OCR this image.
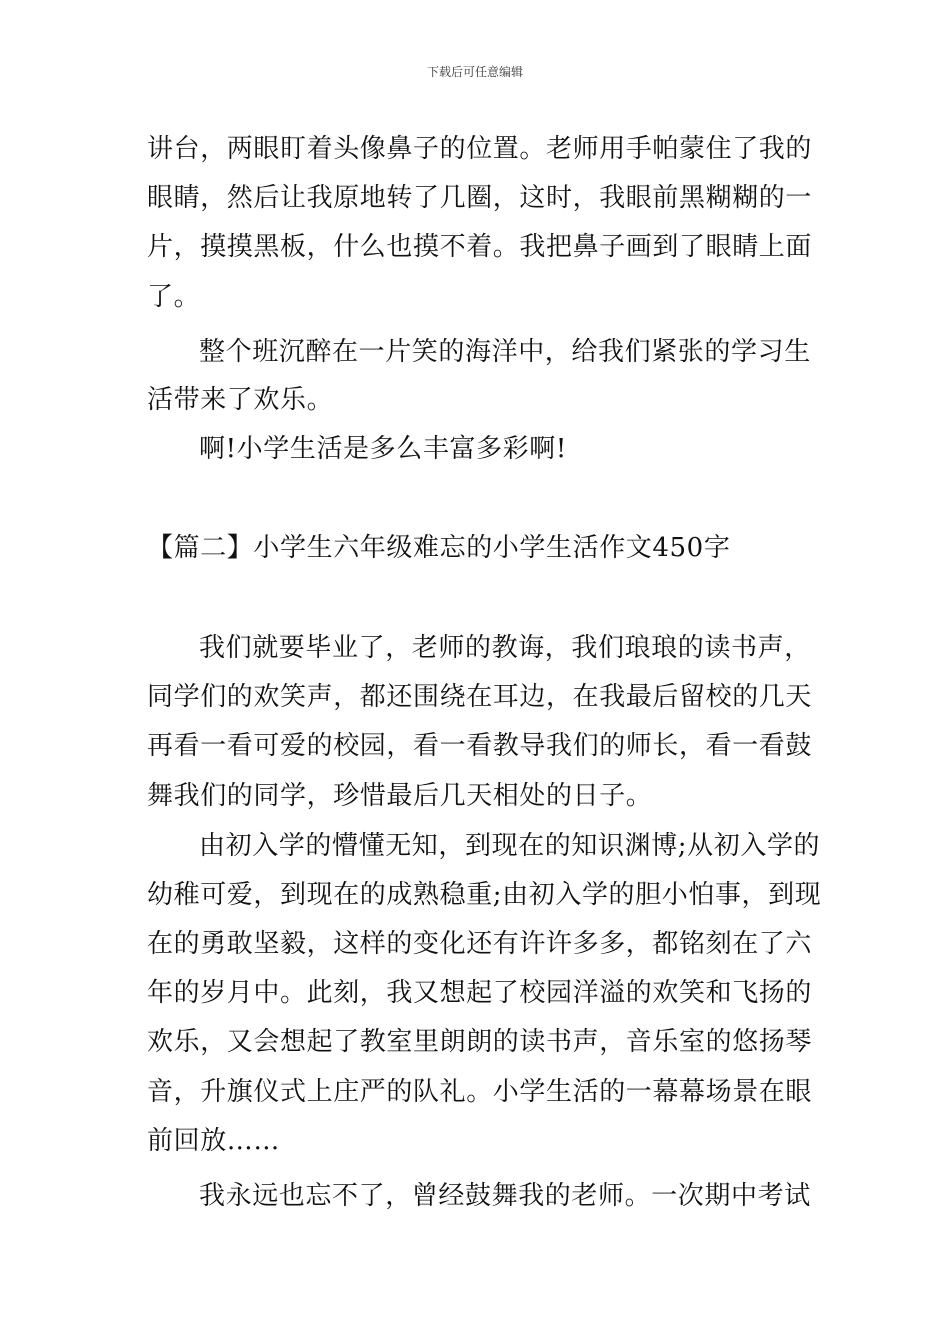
下载后可任意编辑
讲台，两眼盯着头像鼻子的位置。老师用手帕蒙住了我的
眼睛，然后让我原地转了几圈，这时，我眼前黑糊糊的一
片，摸摸黑板，什么也摸不着。我把鼻子画到了眼睛上面
了。
整个班沉醉在一片笑的海洋中，给我们紧张的学习生
活带来了欢乐。
啊!小学生活是多么丰富多彩啊!
【篇二】小学生六年级难忘的小学生活作文450字
我们就要毕业了，老师的教诲，我们琅琅的读书声，
同学们的欢笑声，都还围绕在耳边，在我最后留校的几天
再看一看可爱的校园，看一看教导我们的师长，看一看鼓
舞我们的同学，珍惜最后几天相处的日子。
由初入学的懵懂无知，到现在的知识渊博;从初入学的
幼稚可爱，到现在的成熟稳重;由初入学的胆小怕事，到现
在的勇敢坚毅，这样的变化还有许许多多，都铭刻在了六
年的岁月中。此刻，我又想起了校园洋溢的欢笑和飞扬的
欢乐，又会想起了教室里朗朗的读书声，音乐室的悠扬琴
音，升旗仪式上庄严的队礼。小学生活的一幕幕场景在眼
前回放……
我永远也忘不了，曾经鼓舞我的老师。一次期中考试
